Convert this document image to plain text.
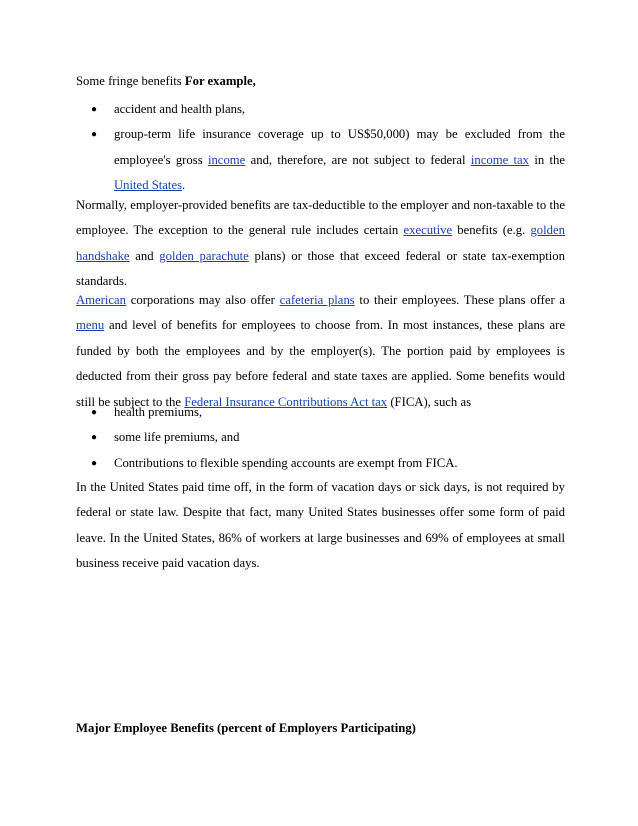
Some fringe benefits For example,

● accident and health plans,
● group-term life insurance coverage up to US$50,000) may be excluded from the employee's gross income and, therefore, are not subject to federal income tax in the United States.

Normally, employer-provided benefits are tax-deductible to the employer and non-taxable to the employee. The exception to the general rule includes certain executive benefits (e.g. golden handshake and golden parachute plans) or those that exceed federal or state tax-exemption standards.

American corporations may also offer cafeteria plans to their employees. These plans offer a menu and level of benefits for employees to choose from. In most instances, these plans are funded by both the employees and by the employer(s). The portion paid by employees is deducted from their gross pay before federal and state taxes are applied. Some benefits would still be subject to the Federal Insurance Contributions Act tax (FICA), such as

● health premiums,
● some life premiums, and
● Contributions to flexible spending accounts are exempt from FICA.

In the United States paid time off, in the form of vacation days or sick days, is not required by federal or state law. Despite that fact, many United States businesses offer some form of paid leave. In the United States, 86% of workers at large businesses and 69% of employees at small business receive paid vacation days.

Major Employee Benefits (percent of Employers Participating)
